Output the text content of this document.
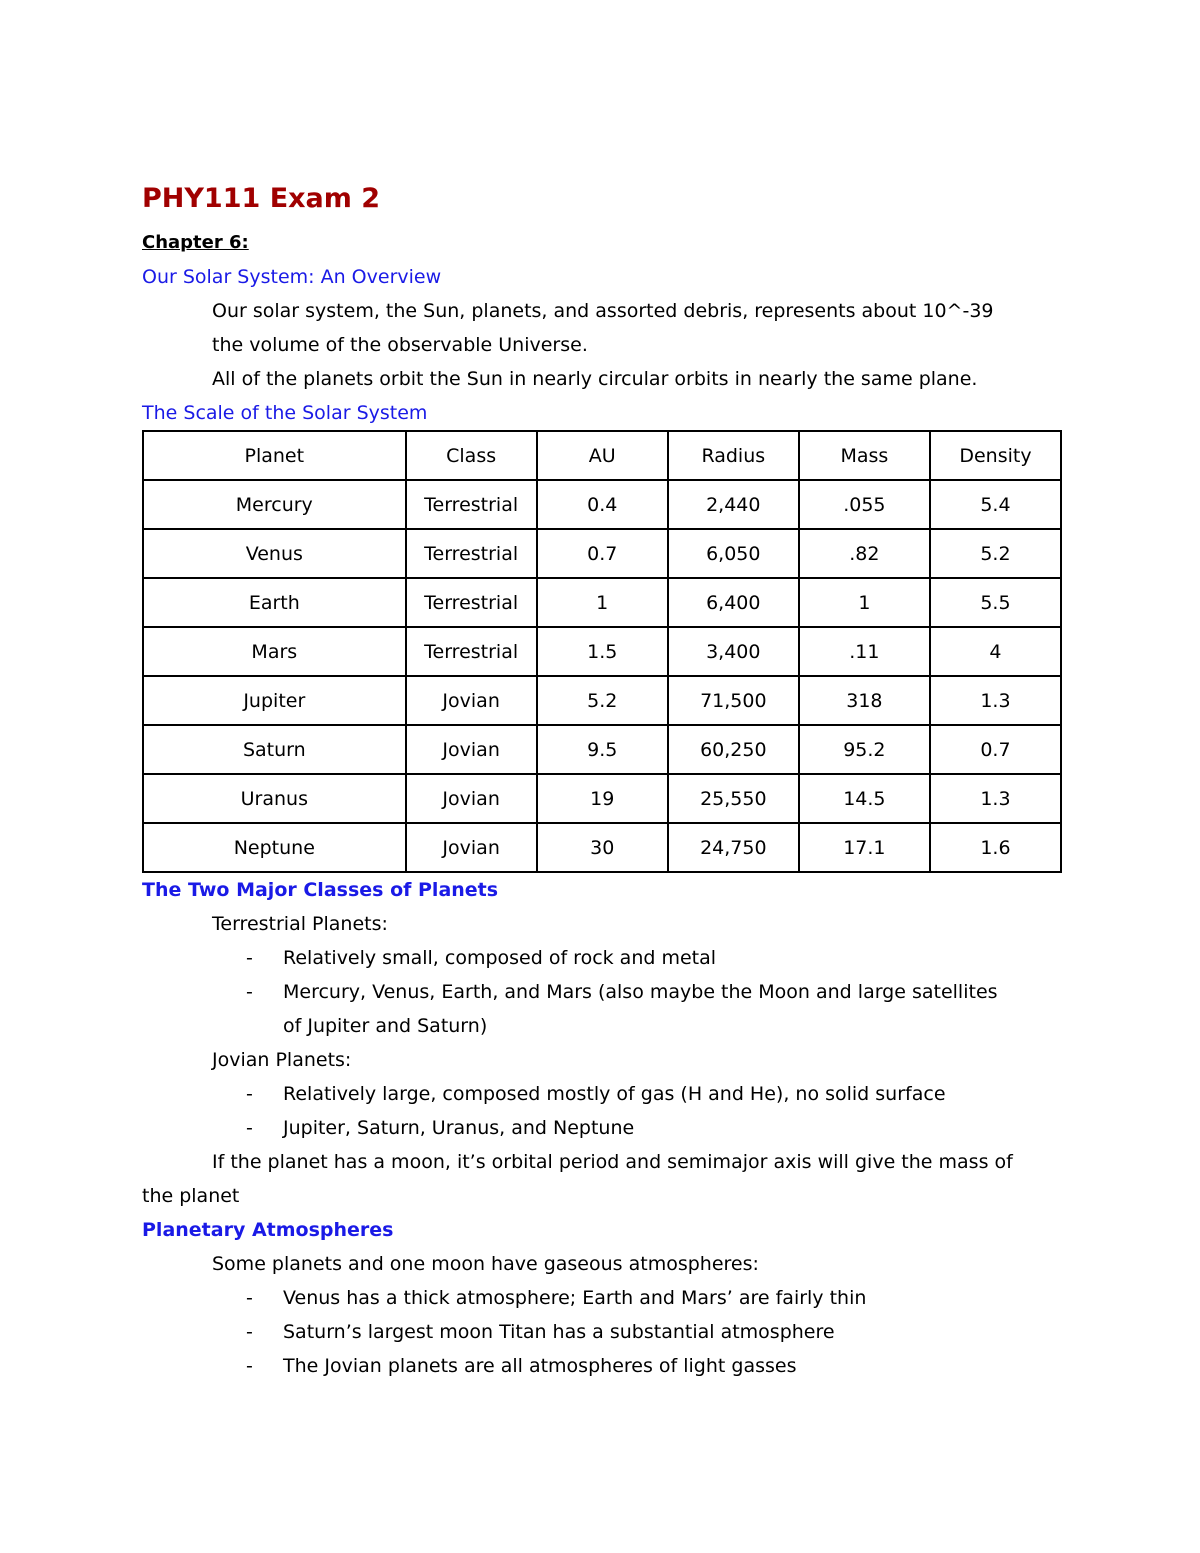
PHY111 Exam 2
Chapter 6:
Our Solar System: An Overview
Our solar system, the Sun, planets, and assorted debris, represents about 10^-39
the volume of the observable Universe.
All of the planets orbit the Sun in nearly circular orbits in nearly the same plane.
The Scale of the Solar System
Planet	Class	AU	Radius	Mass	Density
Mercury	Terrestrial	0.4	2,440	.055	5.4
Venus	Terrestrial	0.7	6,050	.82	5.2
Earth	Terrestrial	1	6,400	1	5.5
Mars	Terrestrial	1.5	3,400	.11	4
Jupiter	Jovian	5.2	71,500	318	1.3
Saturn	Jovian	9.5	60,250	95.2	0.7
Uranus	Jovian	19	25,550	14.5	1.3
Neptune	Jovian	30	24,750	17.1	1.6
The Two Major Classes of Planets
Terrestrial Planets:
- Relatively small, composed of rock and metal
- Mercury, Venus, Earth, and Mars (also maybe the Moon and large satellites
of Jupiter and Saturn)
Jovian Planets:
- Relatively large, composed mostly of gas (H and He), no solid surface
- Jupiter, Saturn, Uranus, and Neptune
If the planet has a moon, it’s orbital period and semimajor axis will give the mass of
the planet
Planetary Atmospheres
Some planets and one moon have gaseous atmospheres:
- Venus has a thick atmosphere; Earth and Mars’ are fairly thin
- Saturn’s largest moon Titan has a substantial atmosphere
- The Jovian planets are all atmospheres of light gasses
